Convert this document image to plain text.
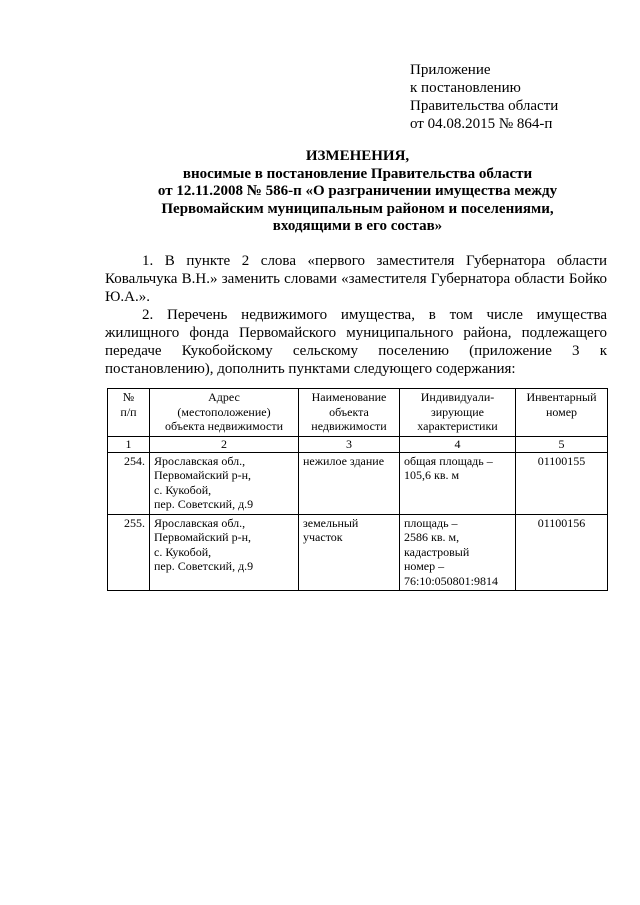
Приложение
к постановлению
Правительства области
от 04.08.2015 № 864-п
ИЗМЕНЕНИЯ,
вносимые в постановление Правительства области
от 12.11.2008 № 586-п «О разграничении имущества между
Первомайским муниципальным районом и поселениями,
входящими в его состав»

1. В пункте 2 слова «первого заместителя Губернатора области Ковальчука В.Н.» заменить словами «заместителя Губернатора области Бойко Ю.А.».

2. Перечень недвижимого имущества, в том числе имущества жилищного фонда Первомайского муниципального района, подлежащего передаче Кукобойскому сельскому поселению (приложение 3 к постановлению), дополнить пунктами следующего содержания:

№
п/п	Адрес
(местоположение)
объекта недвижимости	Наименование
объекта
недвижимости	Индивидуали-
зирующие
характеристики	Инвентарный
номер
1	2	3	4	5
254.	Ярославская обл.,
Первомайский р-н,
с. Кукобой,
пер. Советский, д.9	нежилое здание	общая площадь –
105,6 кв. м	01100155
255.	Ярославская обл.,
Первомайский р-н,
с. Кукобой,
пер. Советский, д.9	земельный
участок	площадь –
2586 кв. м,
кадастровый
номер –
76:10:050801:9814	01100156
